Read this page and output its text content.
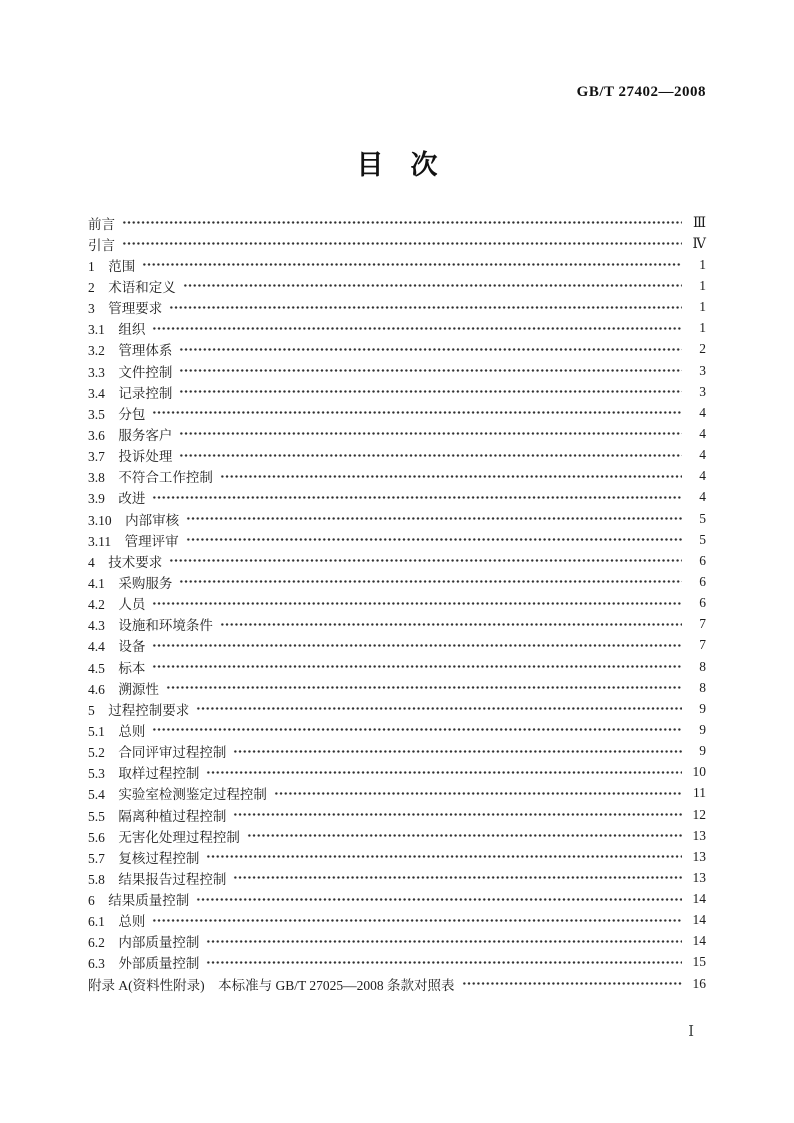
GB/T 27402—2008
目　次
前言	Ⅲ
引言	Ⅳ
1　范围	1
2　术语和定义	1
3　管理要求	1
3.1　组织	1
3.2　管理体系	2
3.3　文件控制	3
3.4　记录控制	3
3.5　分包	4
3.6　服务客户	4
3.7　投诉处理	4
3.8　不符合工作控制	4
3.9　改进	4
3.10　内部审核	5
3.11　管理评审	5
4　技术要求	6
4.1　采购服务	6
4.2　人员	6
4.3　设施和环境条件	7
4.4　设备	7
4.5　标本	8
4.6　溯源性	8
5　过程控制要求	9
5.1　总则	9
5.2　合同评审过程控制	9
5.3　取样过程控制	10
5.4　实验室检测鉴定过程控制	11
5.5　隔离种植过程控制	12
5.6　无害化处理过程控制	13
5.7　复核过程控制	13
5.8　结果报告过程控制	13
6　结果质量控制	14
6.1　总则	14
6.2　内部质量控制	14
6.3　外部质量控制	15
附录 A(资料性附录)　本标准与 GB/T 27025—2008 条款对照表	16
Ⅰ
